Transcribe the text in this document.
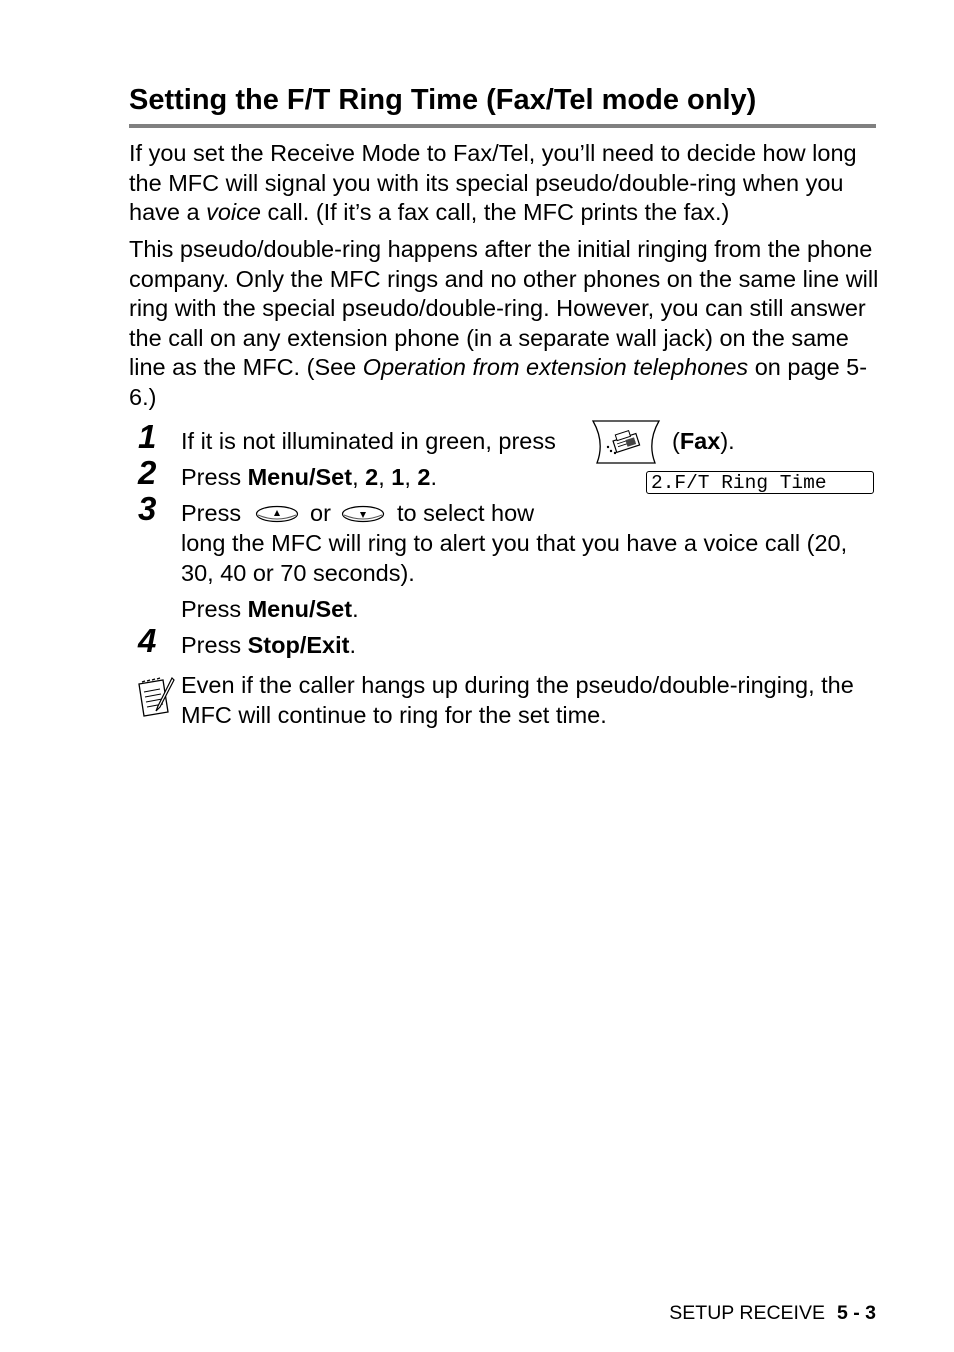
Setting the F/T Ring Time (Fax/Tel mode only)

If you set the Receive Mode to Fax/Tel, you’ll need to decide how long the MFC will signal you with its special pseudo/double-ring when you have a voice call. (If it’s a fax call, the MFC prints the fax.)

This pseudo/double-ring happens after the initial ringing from the phone company. Only the MFC rings and no other phones on the same line will ring with the special pseudo/double-ring. However, you can still answer the call on any extension phone (in a separate wall jack) on the same line as the MFC. (See Operation from extension telephones on page 5-6.)

1 If it is not illuminated in green, press	(Fax).
2 Press Menu/Set, 2, 1, 2.	2.F/T Ring Time
3 Press	or	to select how

long the MFC will ring to alert you that you have a voice call (20, 30, 40 or 70 seconds).

Press Menu/Set.
4 Press Stop/Exit.

Even if the caller hangs up during the pseudo/double-ringing, the MFC will continue to ring for the set time.

SETUP RECEIVE 5 - 3
